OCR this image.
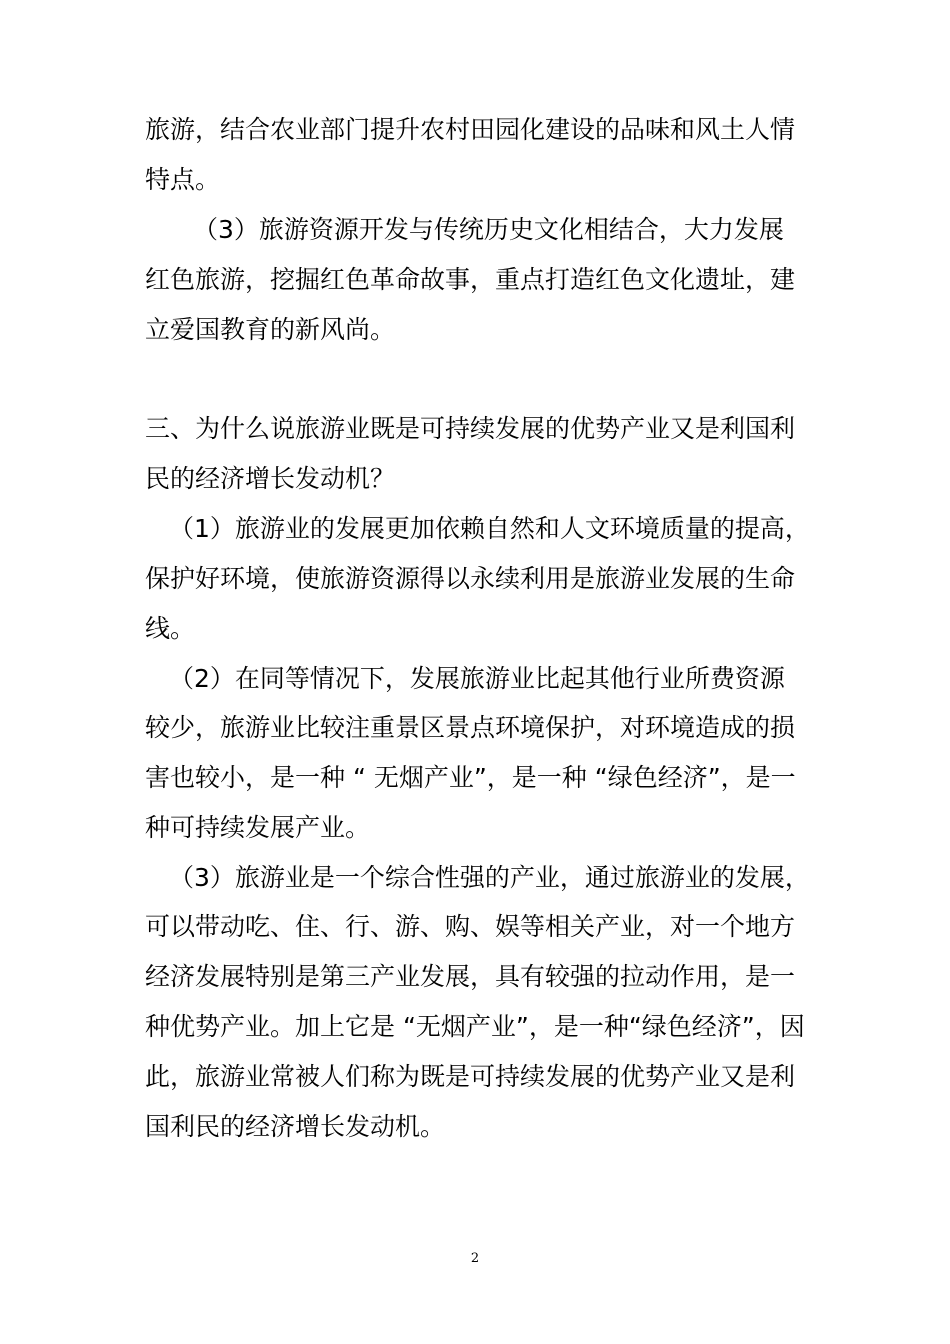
旅游，结合农业部门提升农村田园化建设的品味和风土人情

特点。

（3）旅游资源开发与传统历史文化相结合，大力发展

红色旅游，挖掘红色革命故事，重点打造红色文化遗址，建

立爱国教育的新风尚。

三、为什么说旅游业既是可持续发展的优势产业又是利国利

民的经济增长发动机？

（1）旅游业的发展更加依赖自然和人文环境质量的提高，

保护好环境，使旅游资源得以永续利用是旅游业发展的生命

线。

（2）在同等情况下，发展旅游业比起其他行业所费资源

较少，旅游业比较注重景区景点环境保护，对环境造成的损

害也较小，是一种 “ 无烟产业”，是一种 “绿色经济”，是一

种可持续发展产业。

（3）旅游业是一个综合性强的产业，通过旅游业的发展，

可以带动吃、住、行、游、购、娱等相关产业，对一个地方

经济发展特别是第三产业发展，具有较强的拉动作用，是一

种优势产业。加上它是 “无烟产业”，是一种“绿色经济”，因

此，旅游业常被人们称为既是可持续发展的优势产业又是利

国利民的经济增长发动机。

2
